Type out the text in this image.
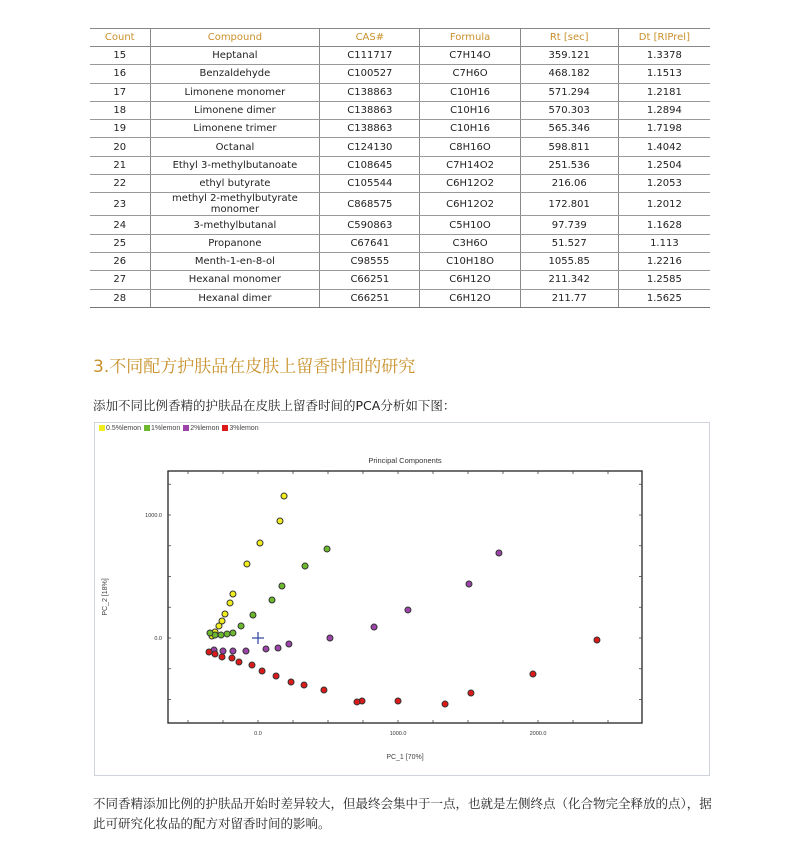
Count	Compound	CAS#	Formula	Rt [sec]	Dt [RIPrel]
15	Heptanal	C111717	C7H14O	359.121	1.3378
16	Benzaldehyde	C100527	C7H6O	468.182	1.1513
17	Limonene monomer	C138863	C10H16	571.294	1.2181
18	Limonene dimer	C138863	C10H16	570.303	1.2894
19	Limonene trimer	C138863	C10H16	565.346	1.7198
20	Octanal	C124130	C8H16O	598.811	1.4042
21	Ethyl 3-methylbutanoate	C108645	C7H14O2	251.536	1.2504
22	ethyl butyrate	C105544	C6H12O2	216.06	1.2053
23	methyl 2-methylbutyrate monomer	C868575	C6H12O2	172.801	1.2012
24	3-methylbutanal	C590863	C5H10O	97.739	1.1628
25	Propanone	C67641	C3H6O	51.527	1.113
26	Menth-1-en-8-ol	C98555	C10H18O	1055.85	1.2216
27	Hexanal monomer	C66251	C6H12O	211.342	1.2585
28	Hexanal dimer	C66251	C6H12O	211.77	1.5625
3.不同配方护肤品在皮肤上留香时间的研究
添加不同比例香精的护肤品在皮肤上留香时间的PCA分析如下图：
0.5%lemon	1%lemon	2%lemon	3%lemon
Principal Components
0.0	1000.0	2000.0
0.0
1000.0
PC_1 [70%]
PC_2 [18%]
不同香精添加比例的护肤品开始时差异较大，但最终会集中于一点，也就是左侧终点（化合物完全释放的点），据此可研究化妆品的配方对留香时间的影响。
